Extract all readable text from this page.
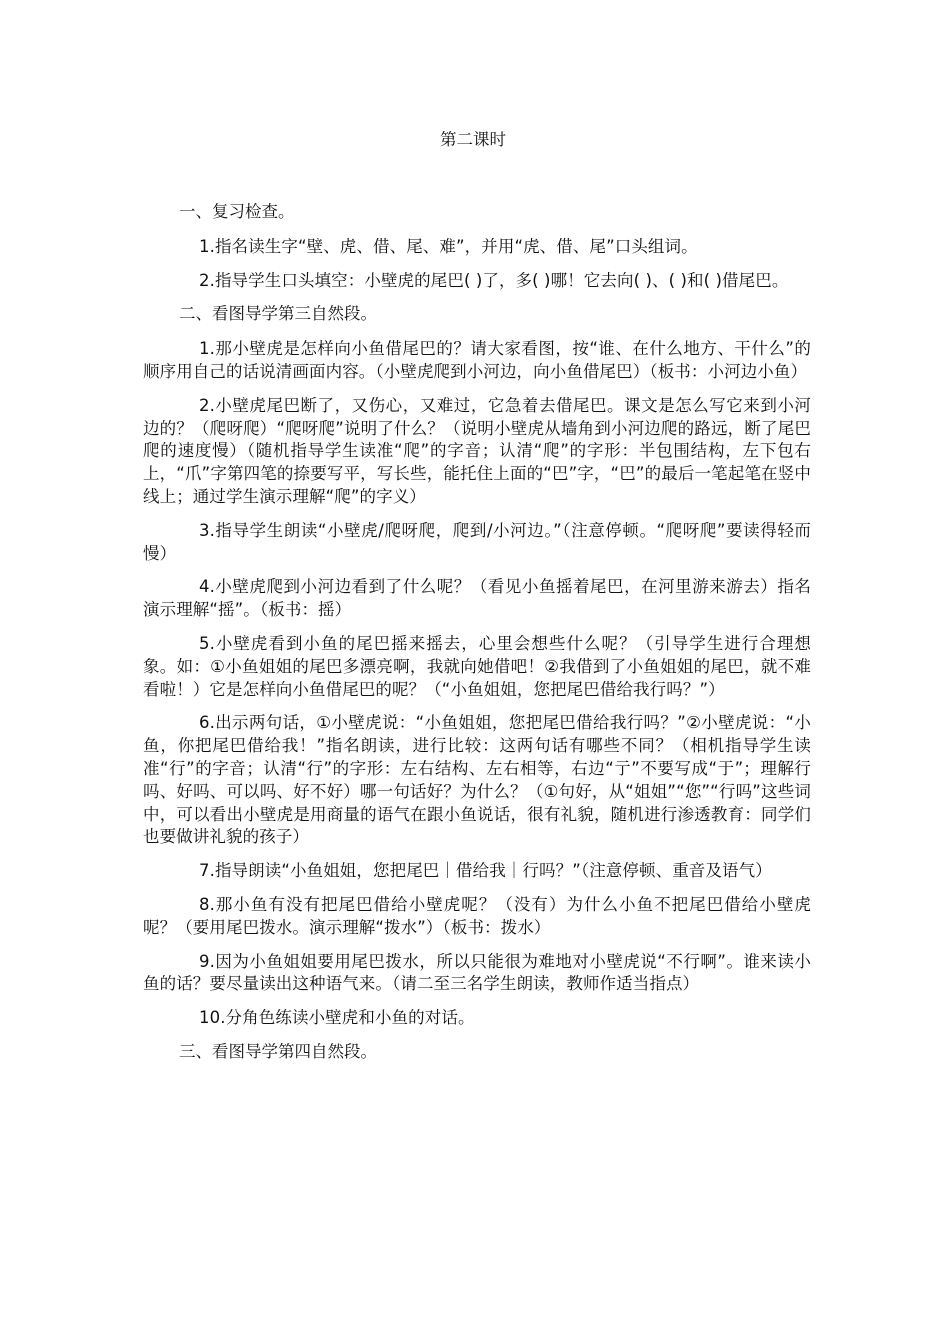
第二课时
一、复习检查。
1.指名读生字“壁、虎、借、尾、难”，并用“虎、借、尾”口头组词。
2.指导学生口头填空：小壁虎的尾巴( )了，多( )哪！它去向( )、( )和( )借尾巴。
二、看图导学第三自然段。
1.那小壁虎是怎样向小鱼借尾巴的？请大家看图，按“谁、在什么地方、干什么”的顺序用自己的话说清画面内容。（小壁虎爬到小河边，向小鱼借尾巴）（板书：小河边小鱼）
2.小壁虎尾巴断了，又伤心，又难过，它急着去借尾巴。课文是怎么写它来到小河边的？（爬呀爬）“爬呀爬”说明了什么？（说明小壁虎从墙角到小河边爬的路远，断了尾巴爬的速度慢）（随机指导学生读准“爬”的字音；认清“爬”的字形：半包围结构，左下包右上，“爪”字第四笔的捺要写平，写长些，能托住上面的“巴”字，“巴”的最后一笔起笔在竖中线上；通过学生演示理解“爬”的字义）
3.指导学生朗读“小壁虎/爬呀爬，爬到/小河边。”（注意停顿。“爬呀爬”要读得轻而慢）
4.小壁虎爬到小河边看到了什么呢？（看见小鱼摇着尾巴，在河里游来游去）指名演示理解“摇”。（板书：摇）
5.小壁虎看到小鱼的尾巴摇来摇去，心里会想些什么呢？（引导学生进行合理想象。如：①小鱼姐姐的尾巴多漂亮啊，我就向她借吧！②我借到了小鱼姐姐的尾巴，就不难看啦！）它是怎样向小鱼借尾巴的呢？（“小鱼姐姐，您把尾巴借给我行吗？”）
6.出示两句话，①小壁虎说：“小鱼姐姐，您把尾巴借给我行吗？”②小壁虎说：“小鱼，你把尾巴借给我！”指名朗读，进行比较：这两句话有哪些不同？（相机指导学生读准“行”的字音；认清“行”的字形：左右结构、左右相等，右边“亍”不要写成“于”；理解行吗、好吗、可以吗、好不好）哪一句话好？为什么？（①句好，从“姐姐”“您”“行吗”这些词中，可以看出小壁虎是用商量的语气在跟小鱼说话，很有礼貌，随机进行渗透教育：同学们也要做讲礼貌的孩子）
7.指导朗读“小鱼姐姐，您把尾巴｜借给我｜行吗？”（注意停顿、重音及语气）
8.那小鱼有没有把尾巴借给小壁虎呢？（没有）为什么小鱼不把尾巴借给小壁虎呢？（要用尾巴拨水。演示理解“拨水”）（板书：拨水）
9.因为小鱼姐姐要用尾巴拨水，所以只能很为难地对小壁虎说“不行啊”。谁来读小鱼的话？要尽量读出这种语气来。（请二至三名学生朗读，教师作适当指点）
10.分角色练读小壁虎和小鱼的对话。
三、看图导学第四自然段。
